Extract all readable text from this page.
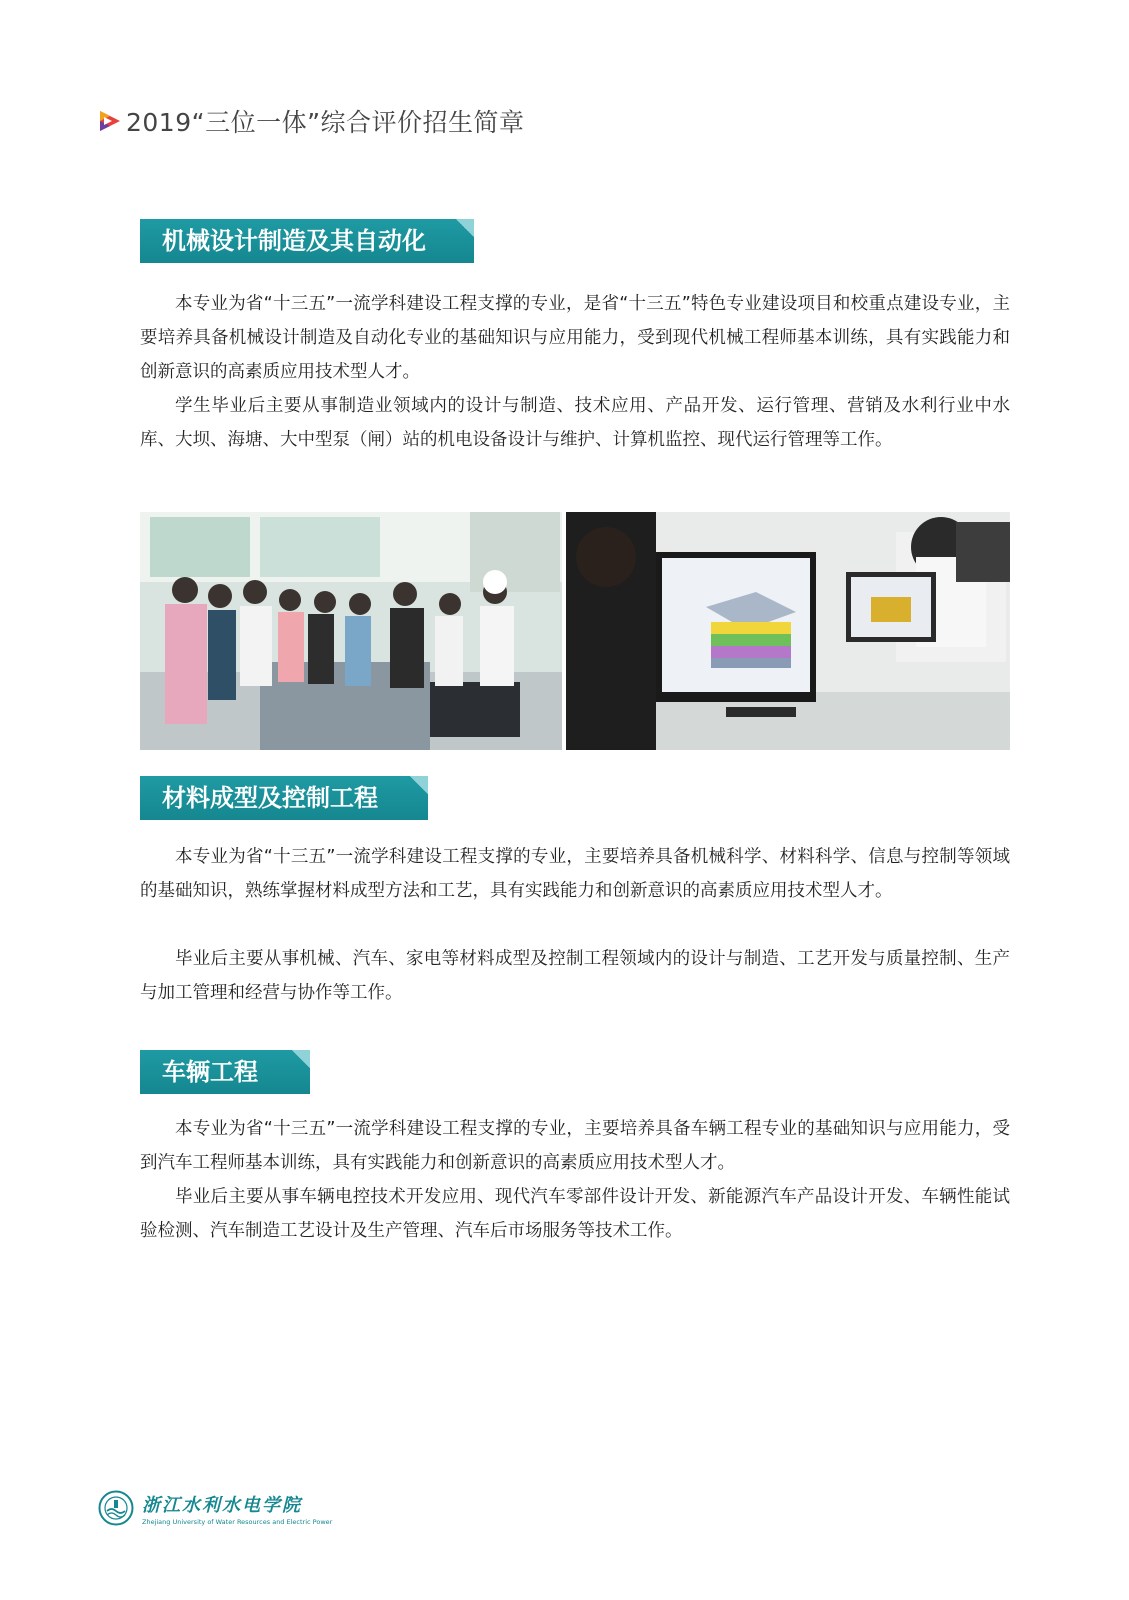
2019“三位一体”综合评价招生简章
机械设计制造及其自动化

本专业为省“十三五”一流学科建设工程支撑的专业，是省“十三五”特色专业建设项目和校重点建设专业，主要培养具备机械设计制造及自动化专业的基础知识与应用能力，受到现代机械工程师基本训练，具有实践能力和创新意识的高素质应用技术型人才。

学生毕业后主要从事制造业领域内的设计与制造、技术应用、产品开发、运行管理、营销及水利行业中水库、大坝、海塘、大中型泵（闸）站的机电设备设计与维护、计算机监控、现代运行管理等工作。

材料成型及控制工程

本专业为省“十三五”一流学科建设工程支撑的专业，主要培养具备机械科学、材料科学、信息与控制等领域的基础知识，熟练掌握材料成型方法和工艺，具有实践能力和创新意识的高素质应用技术型人才。

毕业后主要从事机械、汽车、家电等材料成型及控制工程领域内的设计与制造、工艺开发与质量控制、生产与加工管理和经营与协作等工作。

车辆工程

本专业为省“十三五”一流学科建设工程支撑的专业，主要培养具备车辆工程专业的基础知识与应用能力，受到汽车工程师基本训练，具有实践能力和创新意识的高素质应用技术型人才。

毕业后主要从事车辆电控技术开发应用、现代汽车零部件设计开发、新能源汽车产品设计开发、车辆性能试验检测、汽车制造工艺设计及生产管理、汽车后市场服务等技术工作。

浙江水利水电学院
Zhejiang University of Water Resources and Electric Power
